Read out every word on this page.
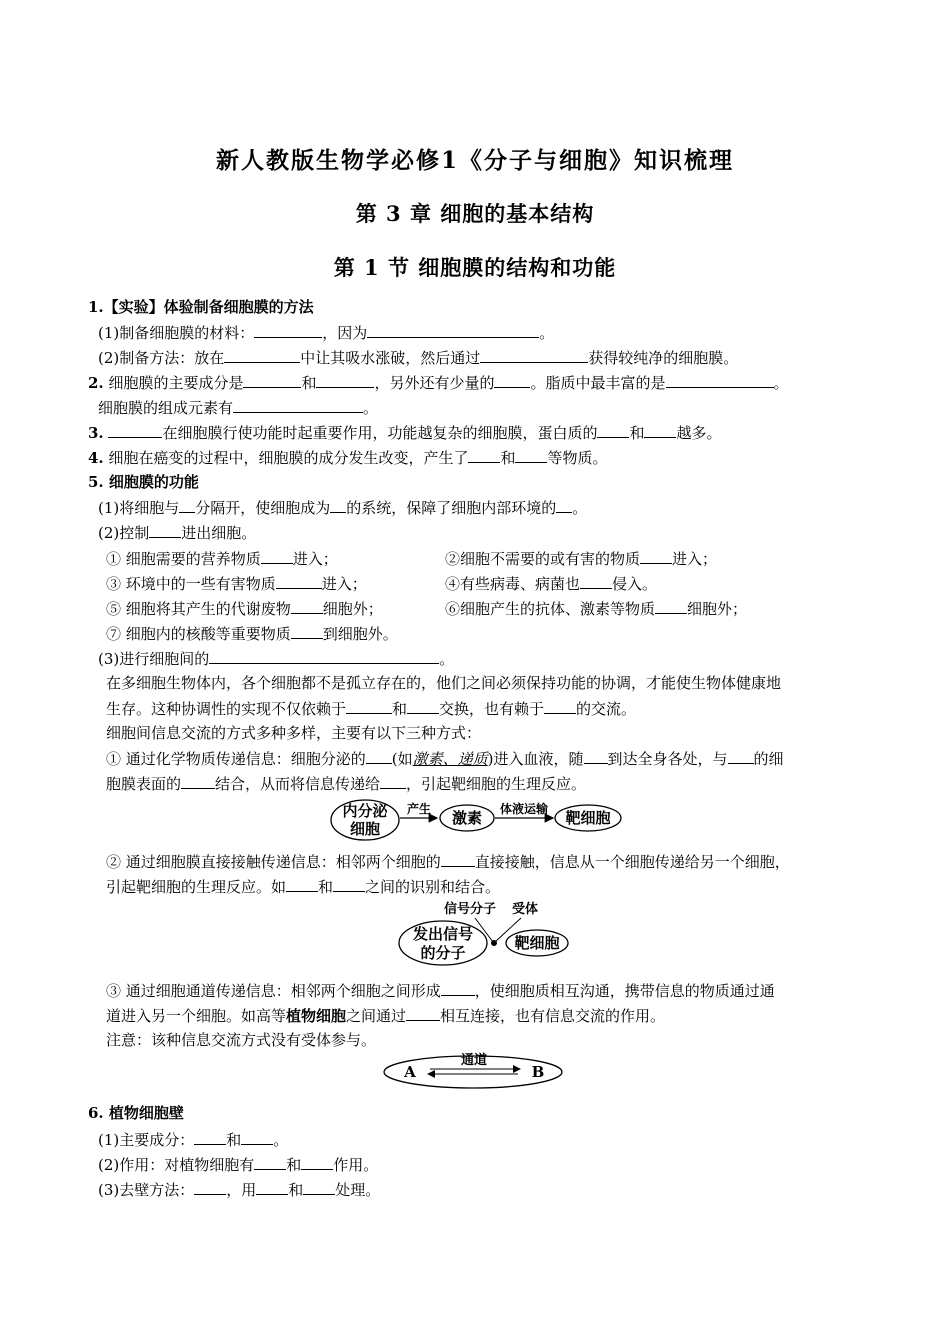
新人教版生物学必修1《分子与细胞》知识梳理
第 3 章 细胞的基本结构
第 1 节 细胞膜的结构和功能
1.【实验】体验制备细胞膜的方法
(1)制备细胞膜的材料：	，因为	。
(2)制备方法：放在	中让其吸水涨破，然后通过	获得较纯净的细胞膜。
2. 细胞膜的主要成分是	和	，另外还有少量的 。脂质中最丰富的是	。
细胞膜的组成元素有	。
3.	在细胞膜行使功能时起重要作用，功能越复杂的细胞膜，蛋白质的 和 越多。
4. 细胞在癌变的过程中，细胞膜的成分发生改变，产生了 和 等物质。
5. 细胞膜的功能
(1)将细胞与 分隔开，使细胞成为 的系统，保障了细胞内部环境的 。
(2)控制 进出细胞。
① 细胞需要的营养物质 进入；	②细胞不需要的或有害的物质 进入；
③ 环境中的一些有害物质	进入；	④有些病毒、病菌也 侵入。
⑤ 细胞将其产生的代谢废物 细胞外；	⑥细胞产生的抗体、激素等物质 细胞外；
⑦ 细胞内的核酸等重要物质 到细胞外。
(3)进行细胞间的	。
在多细胞生物体内，各个细胞都不是孤立存在的，他们之间必须保持功能的协调，才能使生物体健康地
生存。这种协调性的实现不仅依赖于	和 交换，也有赖于 的交流。
细胞间信息交流的方式多种多样，主要有以下三种方式：
① 通过化学物质传递信息：细胞分泌的 (如激素、递质)进入血液，随 到达全身各处，与 的细
胞膜表面的 结合，从而将信息传递给 ，引起靶细胞的生理反应。
内分泌
细胞
产生 激素 体液运输 靶细胞
② 通过细胞膜直接接触传递信息：相邻两个细胞的 直接接触，信息从一个细胞传递给另一个细胞，
引起靶细胞的生理反应。如 和 之间的识别和结合。
信号分子 受体
发出信号
的分子
靶细胞
③ 通过细胞通道传递信息：相邻两个细胞之间形成 ，使细胞质相互沟通，携带信息的物质通过通
道进入另一个细胞。如高等植物细胞之间通过 相互连接，也有信息交流的作用。
注意：该种信息交流方式没有受体参与。
A	B
通道
6. 植物细胞壁
(1)主要成分： 和 。
(2)作用：对植物细胞有 和 作用。
(3)去壁方法： ，用 和 处理。
